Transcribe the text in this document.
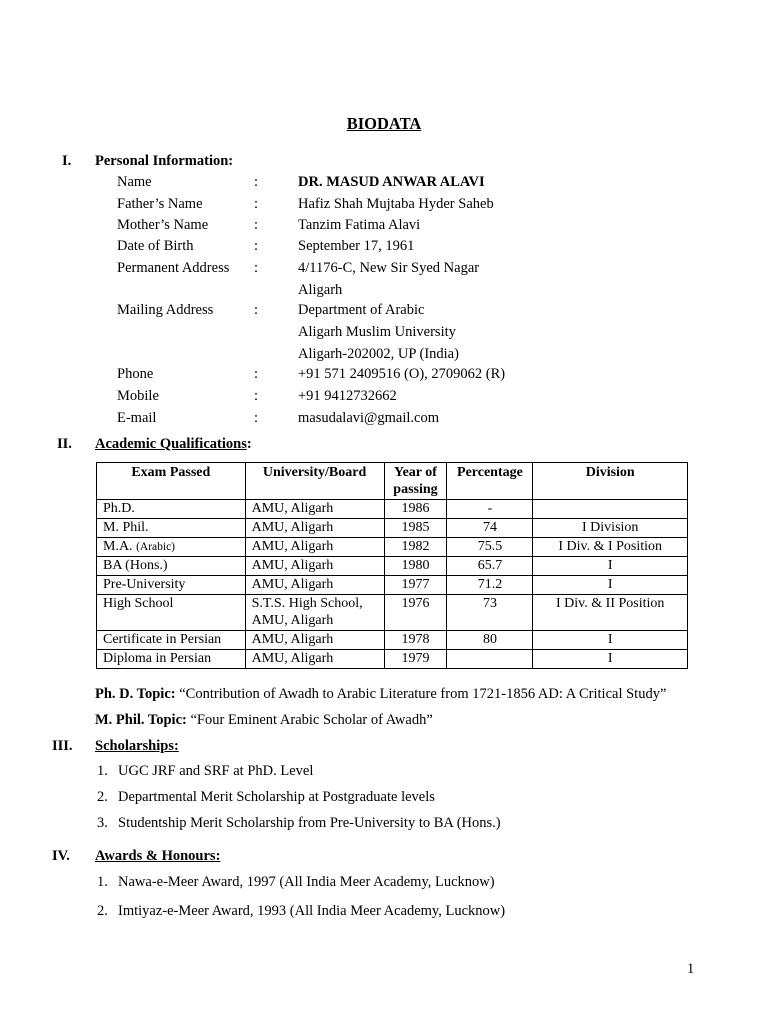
BIODATA
I. Personal Information:
Name	:	DR. MASUD ANWAR ALAVI
Father’s Name	:	Hafiz Shah Mujtaba Hyder Saheb
Mother’s Name	:	Tanzim Fatima Alavi
Date of Birth	:	September 17, 1961
Permanent Address :	4/1176-C, New Sir Syed Nagar
Aligarh
Mailing Address	:	Department of Arabic
Aligarh Muslim University
Aligarh-202002, UP (India)
Phone	:	+91 571 2409516 (O), 2709062 (R)
Mobile	:	+91 9412732662
E-mail	:	masudalavi@gmail.com
II. Academic Qualifications:
Exam Passed	University/Board	Year of passing	Percentage	Division
Ph.D.	AMU, Aligarh	1986	-	
M. Phil.	AMU, Aligarh	1985	74	I Division
M.A. (Arabic)	AMU, Aligarh	1982	75.5	I Div. & I Position
BA (Hons.)	AMU, Aligarh	1980	65.7	I
Pre-University	AMU, Aligarh	1977	71.2	I
High School	S.T.S. High School,
AMU, Aligarh	1976	73	I Div. & II Position
Certificate in Persian	AMU, Aligarh	1978	80	I
Diploma in Persian	AMU, Aligarh	1979		I
Ph. D. Topic: “Contribution of Awadh to Arabic Literature from 1721-1856 AD: A Critical Study”
M. Phil. Topic: “Four Eminent Arabic Scholar of Awadh”
III. Scholarships:
1. UGC JRF and SRF at PhD. Level
2. Departmental Merit Scholarship at Postgraduate levels
3. Studentship Merit Scholarship from Pre-University to BA (Hons.)
IV. Awards & Honours:
1. Nawa-e-Meer Award, 1997 (All India Meer Academy, Lucknow)
2. Imtiyaz-e-Meer Award, 1993 (All India Meer Academy, Lucknow)
1
